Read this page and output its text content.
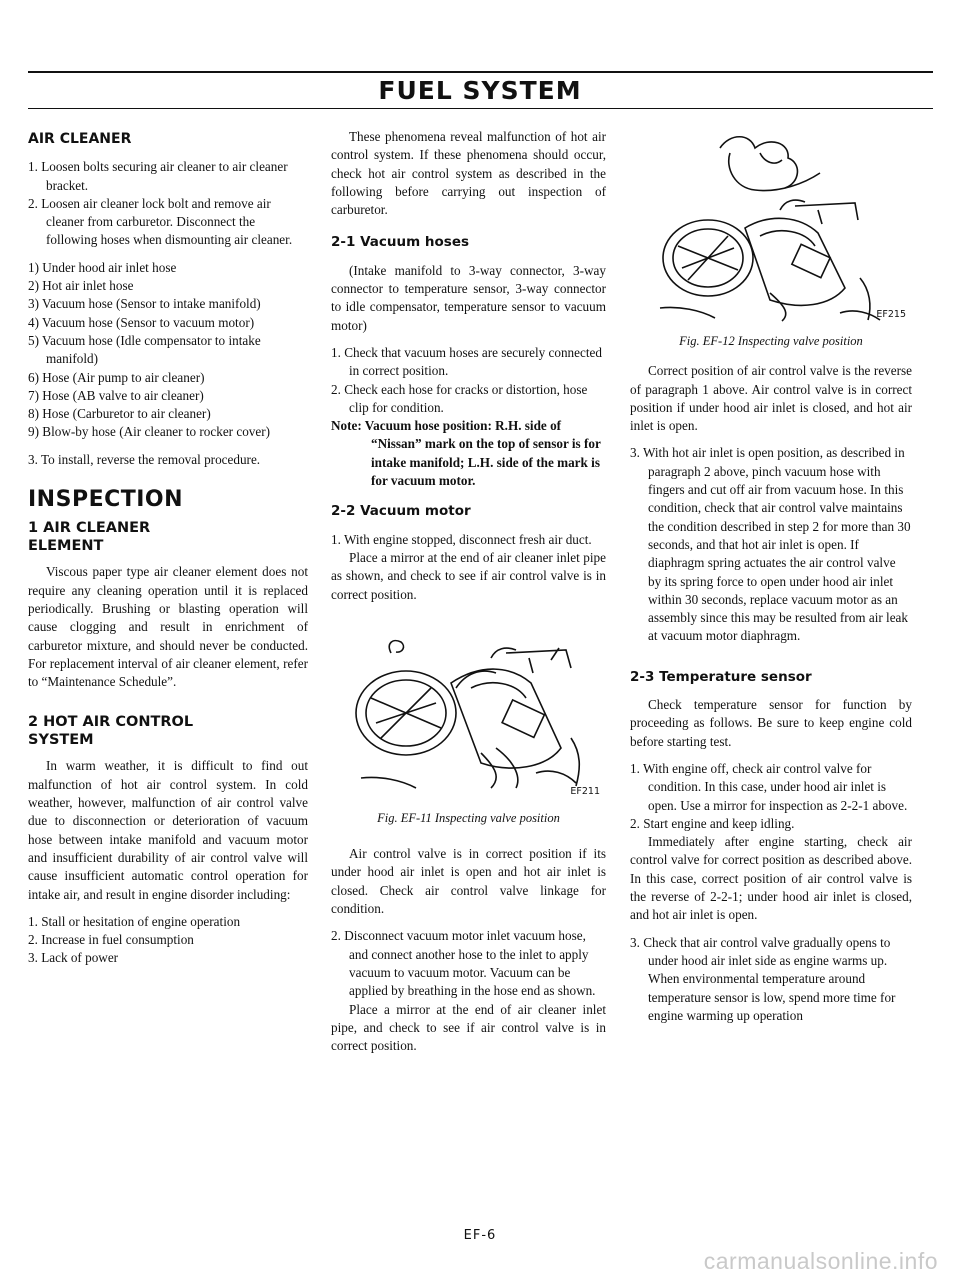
FUEL SYSTEM
AIR CLEANER

1. Loosen bolts securing air cleaner to air cleaner bracket.

2. Loosen air cleaner lock bolt and remove air cleaner from carburetor. Disconnect the following hoses when dismounting air cleaner.

1) Under hood air inlet hose
2) Hot air inlet hose
3) Vacuum hose (Sensor to intake manifold)
4) Vacuum hose (Sensor to vacuum motor)
5) Vacuum hose (Idle compensator to intake manifold)
6) Hose (Air pump to air cleaner)
7) Hose (AB valve to air cleaner)
8) Hose (Carburetor to air cleaner)
9) Blow-by hose (Air cleaner to rocker cover)

3. To install, reverse the removal procedure.

INSPECTION
1 AIR CLEANER ELEMENT

Viscous paper type air cleaner element does not require any cleaning operation until it is replaced periodically. Brushing or blasting operation will cause clogging and result in enrichment of carburetor mixture, and should never be conducted. For replacement interval of air cleaner element, refer to “Maintenance Schedule”.

2 HOT AIR CONTROL SYSTEM

In warm weather, it is difficult to find out malfunction of hot air control system. In cold weather, however, malfunction of air control valve due to disconnection or deterioration of vacuum hose between intake manifold and vacuum motor and insufficient durability of air control valve will cause insufficient automatic control operation for intake air, and result in engine disorder including:

1. Stall or hesitation of engine operation
2. Increase in fuel consumption
3. Lack of power

These phenomena reveal malfunction of hot air control system. If these phenomena should occur, check hot air control system as described in the following before carrying out inspection of carburetor.

2-1 Vacuum hoses

(Intake manifold to 3-way connector, 3-way connector to temperature sensor, 3-way connector to idle compensator, temperature sensor to vacuum motor)

1. Check that vacuum hoses are securely connected in correct position.

2. Check each hose for cracks or distortion, hose clip for condition.

Note: Vacuum hose position: R.H. side of “Nissan” mark on the top of sensor is for intake manifold; L.H. side of the mark is for vacuum motor.

2-2 Vacuum motor

1. With engine stopped, disconnect fresh air duct.

Place a mirror at the end of air cleaner inlet pipe as shown, and check to see if air control valve is in correct position.

EF211
Fig. EF-11 Inspecting valve position

Air control valve is in correct position if its under hood air inlet is open and hot air inlet is closed. Check air control valve linkage for condition.

2. Disconnect vacuum motor inlet vacuum hose, and connect another hose to the inlet to apply vacuum to vacuum motor. Vacuum can be applied by breathing in the hose end as shown.

Place a mirror at the end of air cleaner inlet pipe, and check to see if air control valve is in correct position.

EF215
Fig. EF-12 Inspecting valve position

Correct position of air control valve is the reverse of paragraph 1 above. Air control valve is in correct position if under hood air inlet is closed, and hot air inlet is open.

3. With hot air inlet is open position, as described in paragraph 2 above, pinch vacuum hose with fingers and cut off air from vacuum hose. In this condition, check that air control valve maintains the condition described in step 2 for more than 30 seconds, and that hot air inlet is open. If diaphragm spring actuates the air control valve by its spring force to open under hood air inlet within 30 seconds, replace vacuum motor as an assembly since this may be resulted from air leak at vacuum motor diaphragm.

2-3 Temperature sensor

Check temperature sensor for function by proceeding as follows. Be sure to keep engine cold before starting test.

1. With engine off, check air control valve for condition. In this case, under hood air inlet is open. Use a mirror for inspection as 2-2-1 above.

2. Start engine and keep idling.

Immediately after engine starting, check air control valve for correct position as described above. In this case, correct position of air control valve is the reverse of 2-2-1; under hood air inlet is closed, and hot air inlet is open.

3. Check that air control valve gradually opens to under hood air inlet side as engine warms up. When environmental temperature around temperature sensor is low, spend more time for engine warming up operation

EF-6
carmanualsonline.info
